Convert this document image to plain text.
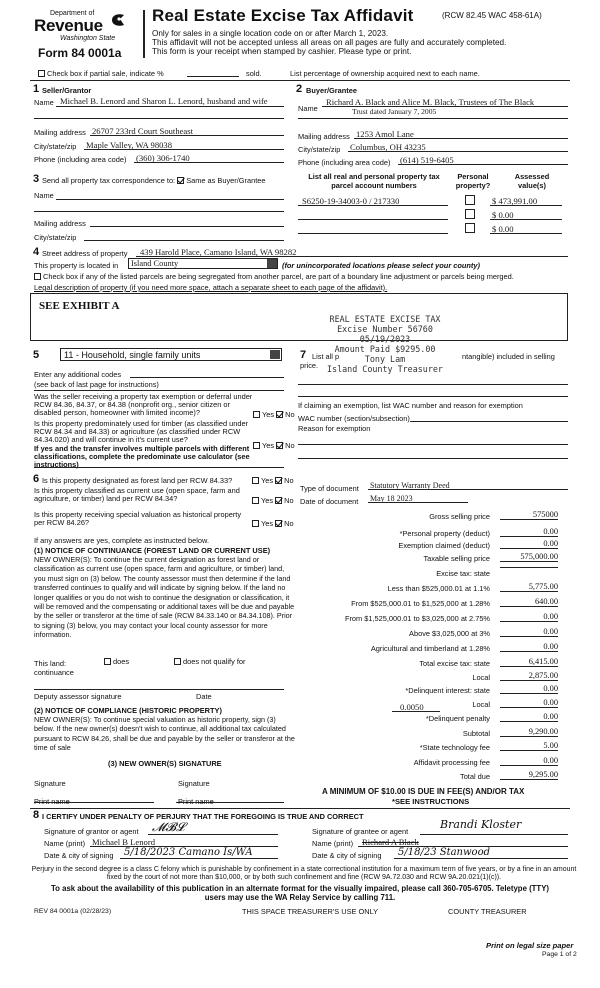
Department of
Revenue
Washington State
Form 84 0001a
Real Estate Excise Tax Affidavit	(RCW 82.45 WAC 458-61A)
Only for sales in a single location code on or after March 1, 2023.
This affidavit will not be accepted unless all areas on all pages are fully and accurately completed.
This form is your receipt when stamped by cashier. Please type or print.
Check box if partial sale, indicate %	sold.	List percentage of ownership acquired next to each name.
1 Seller/Grantor
Name Michael B. Lenord and Sharon L. Lenord, husband and wife
Mailing address 26707 233rd Court Southeast
City/state/zip Maple Valley, WA 98038
Phone (including area code) (360) 306-1740
2 Buyer/Grantee
Richard A. Black and Alice M. Black, Trustees of The Black
Name	Trust dated January 7, 2005
Mailing address 1253 Amol Lane
City/state/zip Columbus, OH 43235
Phone (including area code) (614) 519-6405
3 Send all property tax correspondence to: Same as Buyer/Grantee
Name
Mailing address
City/state/zip
List all real and personal property tax parcel account numbers
Personal property?
Assessed value(s)
S6250-19-34003-0 / 217330	$ 473,991.00
$ 0.00
$ 0.00
4 Street address of property 439 Harold Place, Camano Island, WA 98282
This property is located in Island County	(for unincorporated locations please select your county)
Check box if any of the listed parcels are being segregated from another parcel, are part of a boundary line adjustment or parcels being merged.
Legal description of property (if you need more space, attach a separate sheet to each page of the affidavit).
SEE EXHIBIT A
REAL ESTATE EXCISE TAX
Excise Number 56760
05/19/2023
Amount Paid $9295.00
Tony Lam
Island County Treasurer
5	11 - Household, single family units
Enter any additional codes
(see back of last page for instructions)
Was the seller receiving a property tax exemption or deferral under RCW 84.36, 84.37, or 84.38 (nonprofit org., senior citizen or disabled person, homeowner with limited income)?	Yes No
Is this property predominately used for timber (as classified under RCW 84.34 and 84.33) or agriculture (as classified under RCW 84.34.020) and will continue in it's current use?
If yes and the transfer involves multiple parcels with different classifications, complete the predominate use calculator (see instructions)
Yes No
7 List all p	ntangible) included in selling
price.
If claiming an exemption, list WAC number and reason for exemption
WAC number (section/subsection)
Reason for exemption
Type of document Statutory Warranty Deed
Date of document May 18 2023
Gross selling price	575000
*Personal property (deduct)	0.00
Exemption claimed (deduct)	0.00
Taxable selling price	575,000.00
Excise tax: state
Less than $525,000.01 at 1.1%	5,775.00
From $525,000.01 to $1,525,000 at 1.28%	640.00
From $1,525,000.01 to $3,025,000 at 2.75%	0.00
Above $3,025,000 at 3%	0.00
Agricultural and timberland at 1.28%	0.00
Total excise tax: state	6,415.00
Local	2,875.00
*Delinquent interest: state	0.00
Local	0.00
*Delinquent penalty	0.00
Subtotal	9,290.00
*State technology fee	5.00
Affidavit processing fee	0.00
Total due	9,295.00
0.0050
A MINIMUM OF $10.00 IS DUE IN FEE(S) AND/OR TAX
*SEE INSTRUCTIONS
6 Is this property designated as forest land per RCW 84.33?	Yes No
Is this property classified as current use (open space, farm and agriculture, or timber) land per RCW 84.34?	Yes No
Is this property receiving special valuation as historical property per RCW 84.26?	Yes No
If any answers are yes, complete as instructed below.
(1) NOTICE OF CONTINUANCE (FOREST LAND OR CURRENT USE)
NEW OWNER(S): To continue the current designation as forest land or classification as current use (open space, farm and agriculture, or timber) land, you must sign on (3) below. The county assessor must then determine if the land transferred continues to qualify and will indicate by signing below. If the land no longer qualifies or you do not wish to continue the designation or classification, it will be removed and the compensating or additional taxes will be due and payable by the seller or transferor at the time of sale (RCW 84.33.140 or 84.34.108). Prior to signing (3) below, you may contact your local county assessor for more information.
This land:	does	does not qualify for
continuance
Deputy assessor signature	Date
(2) NOTICE OF COMPLIANCE (HISTORIC PROPERTY)
NEW OWNER(S): To continue special valuation as historic property, sign (3) below. If the new owner(s) doesn't wish to continue, all additional tax calculated pursuant to RCW 84.26, shall be due and payable by the seller or transferor at the time of sale
(3) NEW OWNER(S) SIGNATURE
Signature	Signature
Print name	Print name
8 I CERTIFY UNDER PENALTY OF PERJURY THAT THE FOREGOING IS TRUE AND CORRECT
Signature of grantor or agent 𝓜𝓑𝓛
Name (print) Michael B Lenord
Date & city of signing 5/18/2023 Camano Is/WA
Signature of grantee or agent
Brandi Kloster
Name (print) Richard A Black
Date & city of signing 5/18/23 Stanwood
Perjury in the second degree is a class C felony which is punishable by confinement in a state correctional institution for a maximum term of five years, or by a fine in an amount fixed by the court of not more than $10,000, or by both such confinement and fine (RCW 9A.72.030 and RCW 9A.20.021(1)(c)).
To ask about the availability of this publication in an alternate format for the visually impaired, please call 360-705-6705. Teletype (TTY) users may use the WA Relay Service by calling 711.
REV 84 0001a (02/28/23)	THIS SPACE TREASURER'S USE ONLY	COUNTY TREASURER
Print on legal size paper
Page 1 of 2
